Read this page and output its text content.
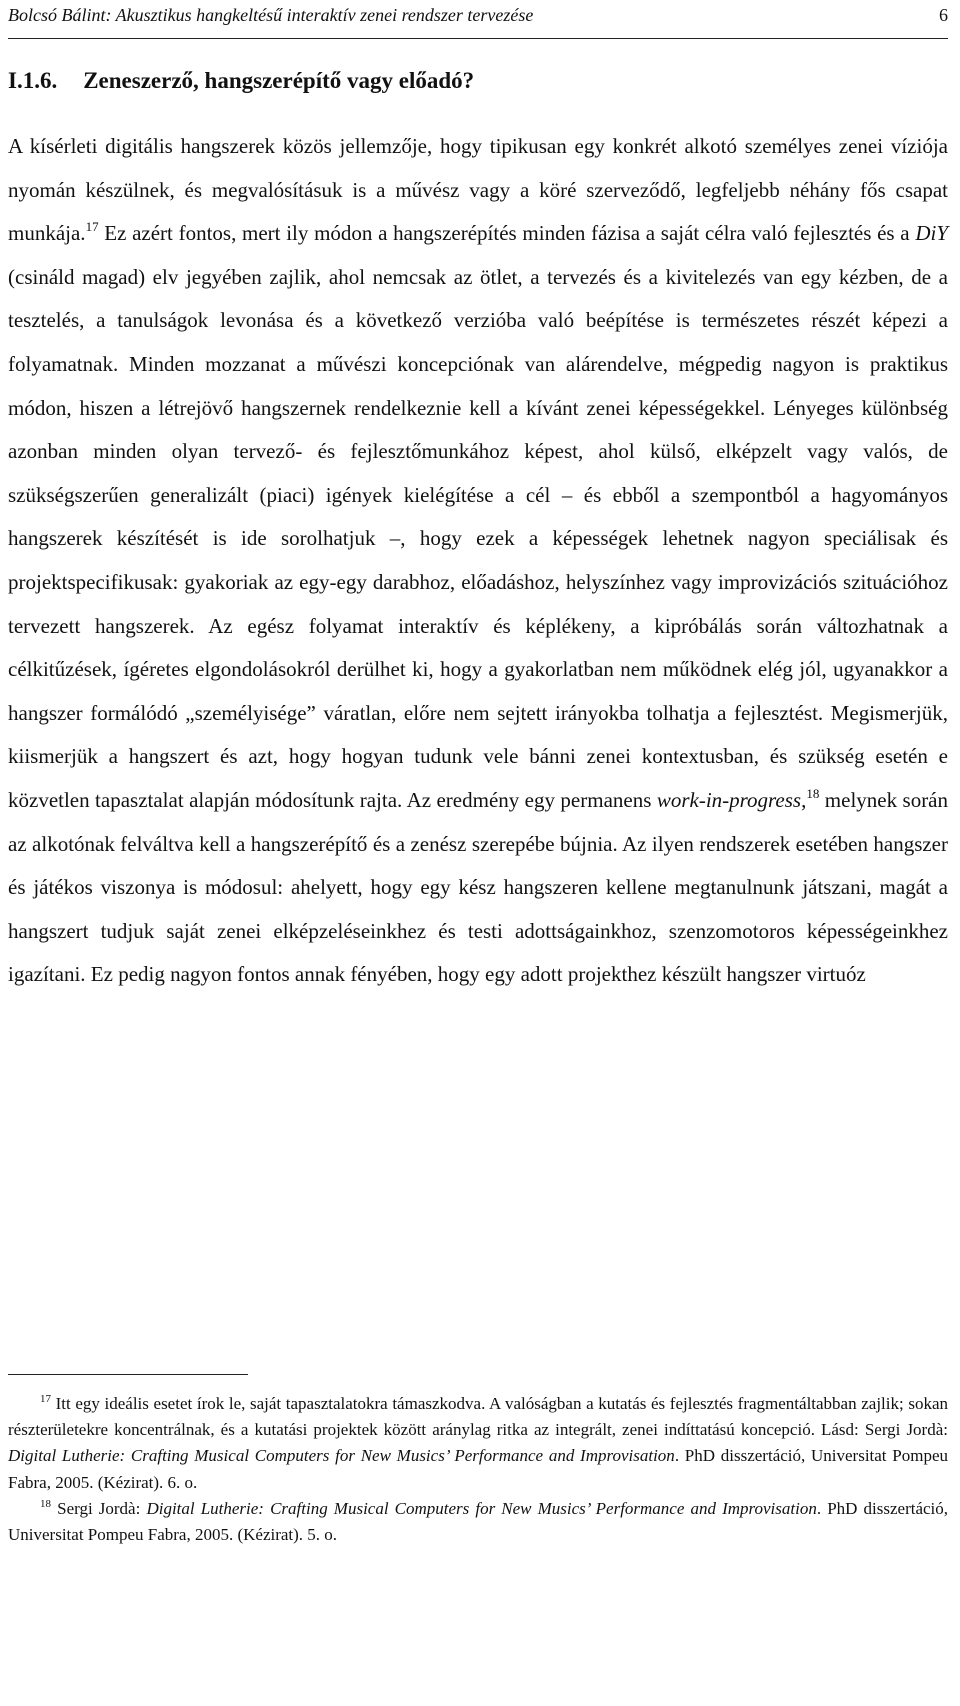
Bolcsó Bálint: Akusztikus hangkeltésű interaktív zenei rendszer tervezése	6
I.1.6. Zeneszerző, hangszerépítő vagy előadó?

A kísérleti digitális hangszerek közös jellemzője, hogy tipikusan egy konkrét alkotó személyes zenei víziója nyomán készülnek, és megvalósításuk is a művész vagy a köré szerveződő, legfeljebb néhány fős csapat munkája.$^{17}$ Ez azért fontos, mert ily módon a hangszerépítés minden fázisa a saját célra való fejlesztés és a DiY (csináld magad) elv jegyében zajlik, ahol nemcsak az ötlet, a tervezés és a kivitelezés van egy kézben, de a tesztelés, a tanulságok levonása és a következő verzióba való beépítése is természetes részét képezi a folyamatnak. Minden mozzanat a művészi koncepciónak van alárendelve, mégpedig nagyon is praktikus módon, hiszen a létrejövő hangszernek rendelkeznie kell a kívánt zenei képességekkel. Lényeges különbség azonban minden olyan tervező- és fejlesztőmunkához képest, ahol külső, elképzelt vagy valós, de szükségszerűen generalizált (piaci) igények kielégítése a cél – és ebből a szempontból a hagyományos hangszerek készítését is ide sorolhatjuk –, hogy ezek a képességek lehetnek nagyon speciálisak és projektspecifikusak: gyakoriak az egy-egy darabhoz, előadáshoz, helyszínhez vagy improvizációs szituációhoz tervezett hangszerek. Az egész folyamat interaktív és képlékeny, a kipróbálás során változhatnak a célkitűzések, ígéretes elgondolásokról derülhet ki, hogy a gyakorlatban nem működnek elég jól, ugyanakkor a hangszer formálódó „személyisége” váratlan, előre nem sejtett irányokba tolhatja a fejlesztést. Megismerjük, kiismerjük a hangszert és azt, hogy hogyan tudunk vele bánni zenei kontextusban, és szükség esetén e közvetlen tapasztalat alapján módosítunk rajta. Az eredmény egy permanens work-in-progress,$^{18}$ melynek során az alkotónak felváltva kell a hangszerépítő és a zenész szerepébe bújnia. Az ilyen rendszerek esetében hangszer és játékos viszonya is módosul: ahelyett, hogy egy kész hangszeren kellene megtanulnunk játszani, magát a hangszert tudjuk saját zenei elképzeléseinkhez és testi adottságainkhoz, szenzomotoros képességeinkhez igazítani. Ez pedig nagyon fontos annak fényében, hogy egy adott projekthez készült hangszer virtuóz

$^{17}$ Itt egy ideális esetet írok le, saját tapasztalatokra támaszkodva. A valóságban a kutatás és fejlesztés fragmentáltabban zajlik; sokan részterületekre koncentrálnak, és a kutatási projektek között aránylag ritka az integrált, zenei indíttatású koncepció. Lásd: Sergi Jordà: Digital Lutherie: Crafting Musical Computers for New Musics’ Performance and Improvisation. PhD disszertáció, Universitat Pompeu Fabra, 2005. (Kézirat). 6. o.

$^{18}$ Sergi Jordà: Digital Lutherie: Crafting Musical Computers for New Musics’ Performance and Improvisation. PhD disszertáció, Universitat Pompeu Fabra, 2005. (Kézirat). 5. o.
